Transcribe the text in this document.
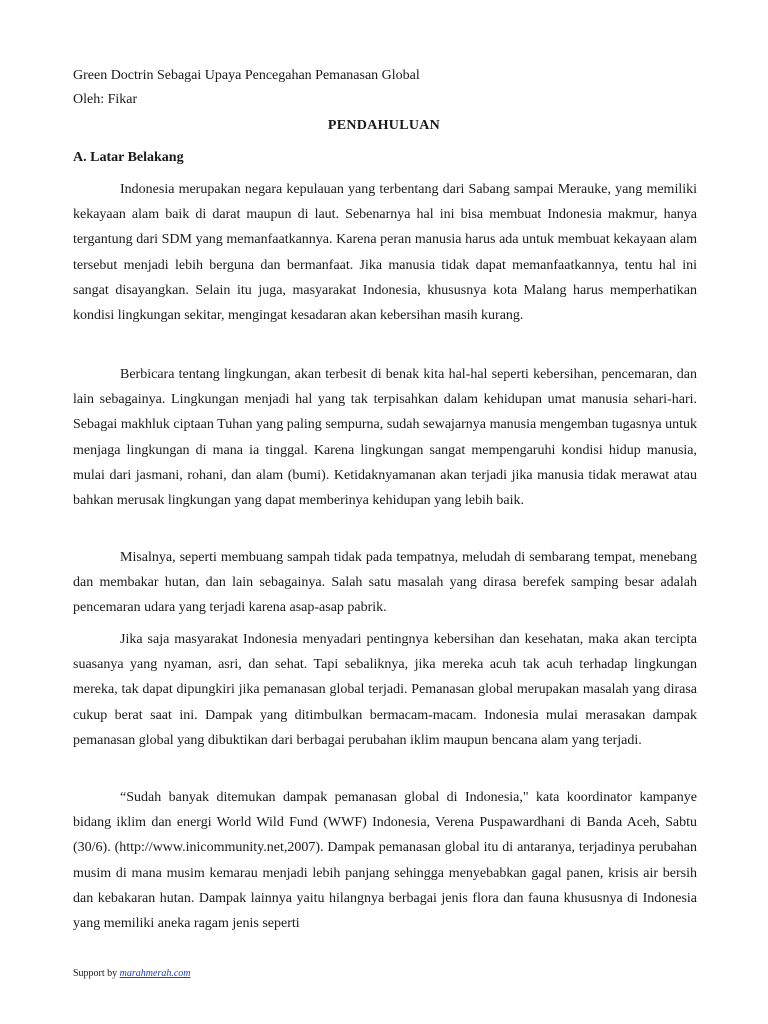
Green Doctrin Sebagai Upaya Pencegahan Pemanasan Global
Oleh: Fikar
PENDAHULUAN
A. Latar Belakang

Indonesia merupakan negara kepulauan yang terbentang dari Sabang sampai Merauke, yang memiliki kekayaan alam baik di darat maupun di laut. Sebenarnya hal ini bisa membuat Indonesia makmur, hanya tergantung dari SDM yang memanfaatkannya. Karena peran manusia harus ada untuk membuat kekayaan alam tersebut menjadi lebih berguna dan bermanfaat. Jika manusia tidak dapat memanfaatkannya, tentu hal ini sangat disayangkan. Selain itu juga, masyarakat Indonesia, khususnya kota Malang harus memperhatikan kondisi lingkungan sekitar, mengingat kesadaran akan kebersihan masih kurang.

Berbicara tentang lingkungan, akan terbesit di benak kita hal-hal seperti kebersihan, pencemaran, dan lain sebagainya. Lingkungan menjadi hal yang tak terpisahkan dalam kehidupan umat manusia sehari-hari. Sebagai makhluk ciptaan Tuhan yang paling sempurna, sudah sewajarnya manusia mengemban tugasnya untuk menjaga lingkungan di mana ia tinggal. Karena lingkungan sangat mempengaruhi kondisi hidup manusia, mulai dari jasmani, rohani, dan alam (bumi). Ketidaknyamanan akan terjadi jika manusia tidak merawat atau bahkan merusak lingkungan yang dapat memberinya kehidupan yang lebih baik.

Misalnya, seperti membuang sampah tidak pada tempatnya, meludah di sembarang tempat, menebang dan membakar hutan, dan lain sebagainya. Salah satu masalah yang dirasa berefek samping besar adalah pencemaran udara yang terjadi karena asap-asap pabrik.

Jika saja masyarakat Indonesia menyadari pentingnya kebersihan dan kesehatan, maka akan tercipta suasanya yang nyaman, asri, dan sehat. Tapi sebaliknya, jika mereka acuh tak acuh terhadap lingkungan mereka, tak dapat dipungkiri jika pemanasan global terjadi. Pemanasan global merupakan masalah yang dirasa cukup berat saat ini. Dampak yang ditimbulkan bermacam-macam. Indonesia mulai merasakan dampak pemanasan global yang dibuktikan dari berbagai perubahan iklim maupun bencana alam yang terjadi.

“Sudah banyak ditemukan dampak pemanasan global di Indonesia," kata koordinator kampanye bidang iklim dan energi World Wild Fund (WWF) Indonesia, Verena Puspawardhani di Banda Aceh, Sabtu (30/6). (http://www.inicommunity.net,2007). Dampak pemanasan global itu di antaranya, terjadinya perubahan musim di mana musim kemarau menjadi lebih panjang sehingga menyebabkan gagal panen, krisis air bersih dan kebakaran hutan. Dampak lainnya yaitu hilangnya berbagai jenis flora dan fauna khususnya di Indonesia yang memiliki aneka ragam jenis seperti

Support by marahmerah.com
